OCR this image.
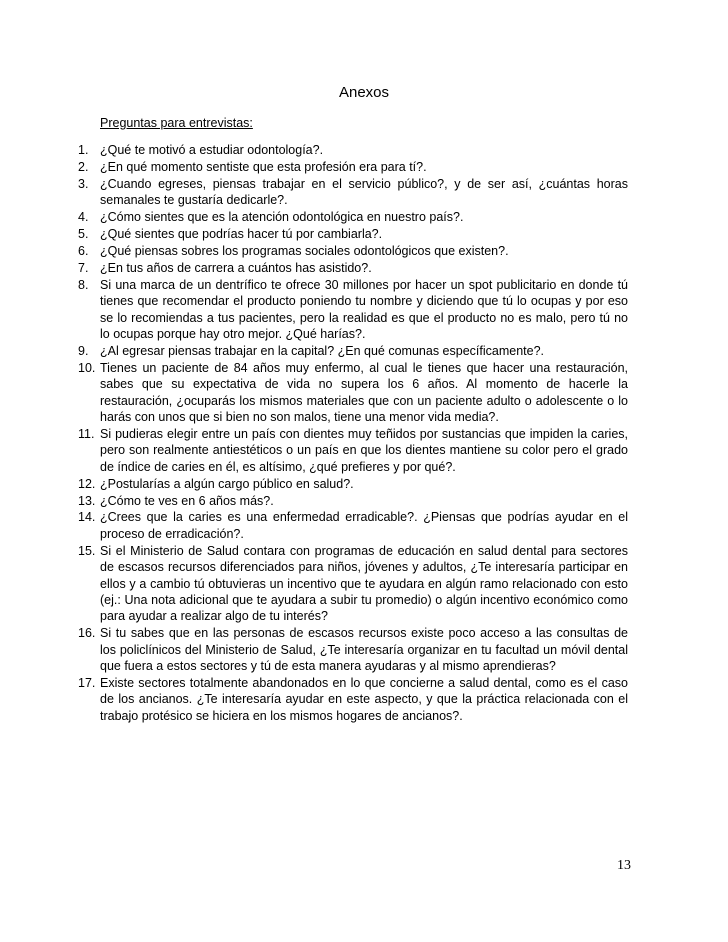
Anexos
Preguntas para entrevistas:
1. ¿Qué te motivó a estudiar odontología?.
2. ¿En qué momento sentiste que esta profesión era para tí?.
3. ¿Cuando egreses, piensas trabajar en el servicio público?, y de ser así, ¿cuántas horas semanales te gustaría dedicarle?.
4. ¿Cómo sientes que es la atención odontológica en nuestro país?.
5. ¿Qué sientes que podrías hacer tú por cambiarla?.
6. ¿Qué piensas sobres los programas sociales odontológicos que existen?.
7. ¿En tus años de carrera a cuántos has asistido?.
8. Si una marca de un dentrífico te ofrece 30 millones por hacer un spot publicitario en donde tú tienes que recomendar el producto poniendo tu nombre y diciendo que tú lo ocupas y por eso se lo recomiendas a tus pacientes, pero la realidad es que el producto no es malo, pero tú no lo ocupas porque hay otro mejor. ¿Qué harías?.
9. ¿Al egresar piensas trabajar en la capital? ¿En qué comunas específicamente?.
10. Tienes un paciente de 84 años muy enfermo, al cual le tienes que hacer una restauración, sabes que su expectativa de vida no supera los 6 años. Al momento de hacerle la restauración, ¿ocuparás los mismos materiales que con un paciente adulto o adolescente o lo harás con unos que si bien no son malos, tiene una menor vida media?.
11. Si pudieras elegir entre un país con dientes muy teñidos por sustancias que impiden la caries, pero son realmente antiestéticos o un país en que los dientes mantiene su color pero el grado de índice de caries en él, es altísimo, ¿qué prefieres y por qué?.
12. ¿Postularías a algún cargo público en salud?.
13. ¿Cómo te ves en 6 años más?.
14. ¿Crees que la caries es una enfermedad erradicable?. ¿Piensas que podrías ayudar en el proceso de erradicación?.
15. Si el Ministerio de Salud contara con programas de educación en salud dental para sectores de escasos recursos diferenciados para niños, jóvenes y adultos, ¿Te interesaría participar en ellos y a cambio tú obtuvieras un incentivo que te ayudara en algún ramo relacionado con esto (ej.: Una nota adicional que te ayudara a subir tu promedio) o algún incentivo económico como para ayudar a realizar algo de tu interés?
16. Si tu sabes que en las personas de escasos recursos existe poco acceso a las consultas de los policlínicos del Ministerio de Salud, ¿Te interesaría organizar en tu facultad un móvil dental que fuera a estos sectores y tú de esta manera ayudaras y al mismo aprendieras?
17. Existe sectores totalmente abandonados en lo que concierne a salud dental, como es el caso de los ancianos. ¿Te interesaría ayudar en este aspecto, y que la práctica relacionada con el trabajo protésico se hiciera en los mismos hogares de ancianos?.
13
